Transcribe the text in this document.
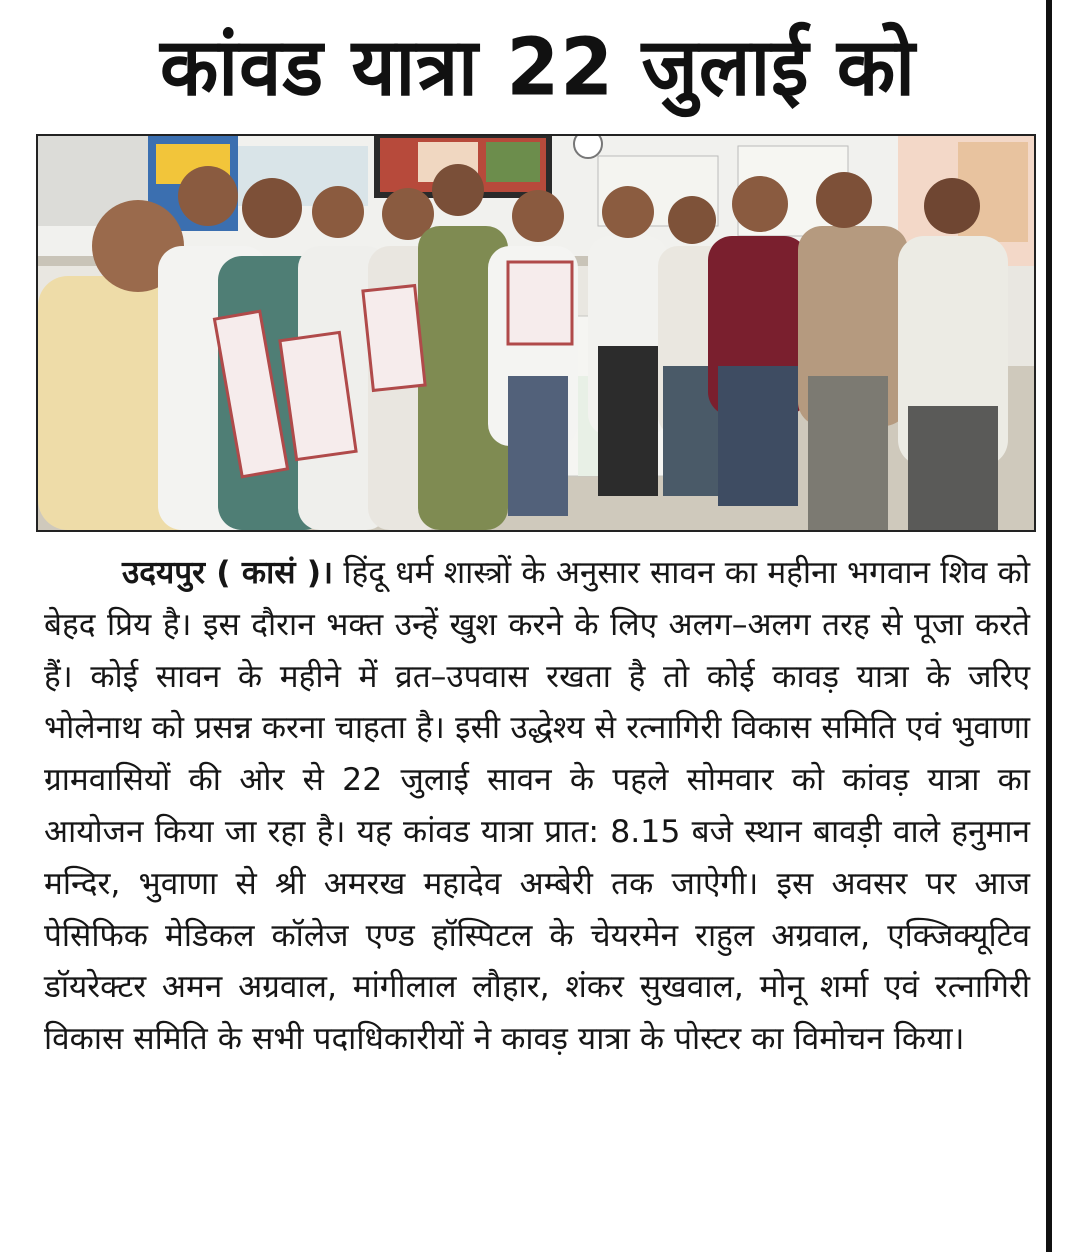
कांवड यात्रा 22 जुलाई को

उदयपुर ( कासं )। हिंदू धर्म शास्त्रों के अनुसार सावन का महीना भगवान शिव को बेहद प्रिय है। इस दौरान भक्त उन्हें खुश करने के लिए अलग–अलग तरह से पूजा करते हैं। कोई सावन के महीने में व्रत–उपवास रखता है तो कोई कावड़ यात्रा के जरिए भोलेनाथ को प्रसन्न करना चाहता है। इसी उद्धेश्य से रत्नागिरी विकास समिति एवं भुवाणा ग्रामवासियों की ओर से 22 जुलाई सावन के पहले सोमवार को कांवड़ यात्रा का आयोजन किया जा रहा है। यह कांवड यात्रा प्रात: 8.15 बजे स्थान बावड़ी वाले हनुमान मन्दिर, भुवाणा से श्री अमरख महादेव अम्बेरी तक जाऐगी। इस अवसर पर आज पेसिफिक मेडिकल कॉलेज एण्ड हॉस्पिटल के चेयरमेन राहुल अग्रवाल, एक्जिक्यूटिव डॉयरेक्टर अमन अग्रवाल, मांगीलाल लौहार, शंकर सुखवाल, मोनू शर्मा एवं रत्नागिरी विकास समिति के सभी पदाधिकारीयों ने कावड़ यात्रा के पोस्टर का विमोचन किया।
